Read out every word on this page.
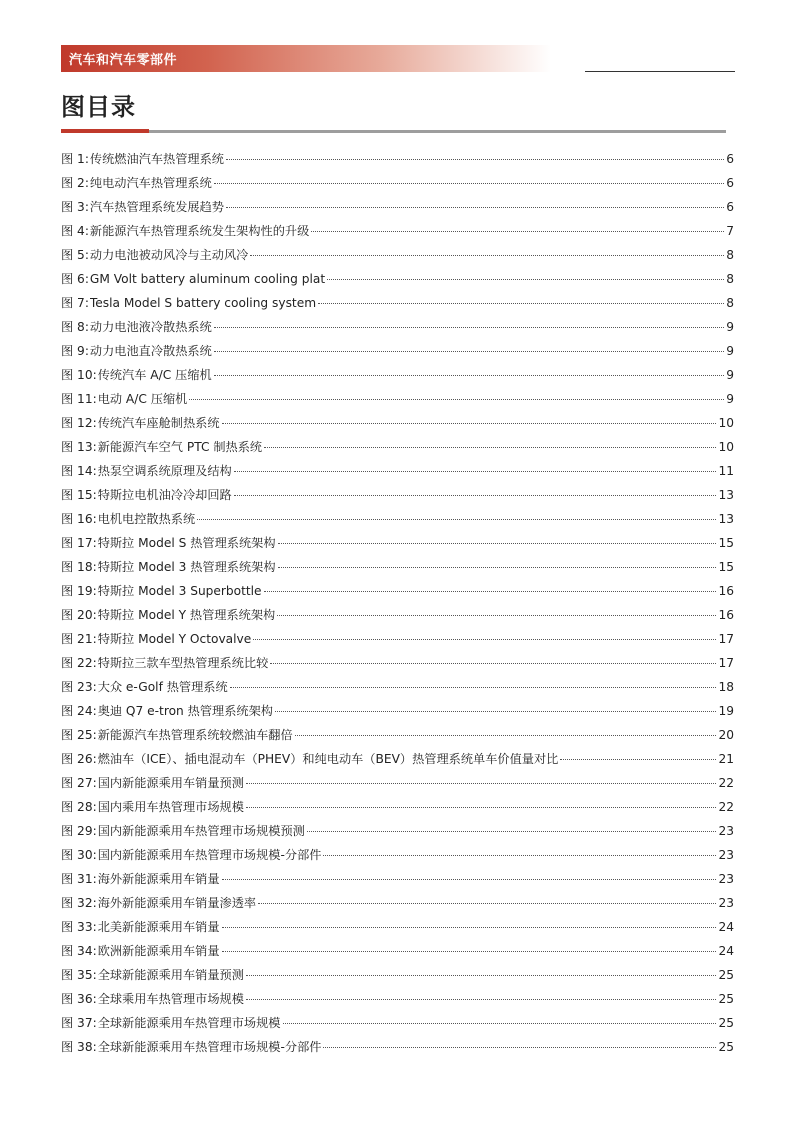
汽车和汽车零部件
图目录
图 1: 传统燃油汽车热管理系统	6
图 2: 纯电动汽车热管理系统	6
图 3: 汽车热管理系统发展趋势	6
图 4: 新能源汽车热管理系统发生架构性的升级	7
图 5: 动力电池被动风冷与主动风冷	8
图 6: GM Volt battery aluminum cooling plat	8
图 7: Tesla Model S battery cooling system	8
图 8: 动力电池液冷散热系统	9
图 9: 动力电池直冷散热系统	9
图 10: 传统汽车 A/C 压缩机	9
图 11: 电动 A/C 压缩机	9
图 12: 传统汽车座舱制热系统	10
图 13: 新能源汽车空气 PTC 制热系统	10
图 14: 热泵空调系统原理及结构	11
图 15: 特斯拉电机油冷冷却回路	13
图 16: 电机电控散热系统	13
图 17: 特斯拉 Model S 热管理系统架构	15
图 18: 特斯拉 Model 3 热管理系统架构	15
图 19: 特斯拉 Model 3 Superbottle	16
图 20: 特斯拉 Model Y 热管理系统架构	16
图 21: 特斯拉 Model Y Octovalve	17
图 22: 特斯拉三款车型热管理系统比较	17
图 23: 大众 e-Golf 热管理系统	18
图 24: 奥迪 Q7 e-tron 热管理系统架构	19
图 25: 新能源汽车热管理系统较燃油车翻倍	20
图 26: 燃油车（ICE）、插电混动车（PHEV）和纯电动车（BEV）热管理系统单车价值量对比	21
图 27: 国内新能源乘用车销量预测	22
图 28: 国内乘用车热管理市场规模	22
图 29: 国内新能源乘用车热管理市场规模预测	23
图 30: 国内新能源乘用车热管理市场规模-分部件	23
图 31: 海外新能源乘用车销量	23
图 32: 海外新能源乘用车销量渗透率	23
图 33: 北美新能源乘用车销量	24
图 34: 欧洲新能源乘用车销量	24
图 35: 全球新能源乘用车销量预测	25
图 36: 全球乘用车热管理市场规模	25
图 37: 全球新能源乘用车热管理市场规模	25
图 38: 全球新能源乘用车热管理市场规模-分部件	25
